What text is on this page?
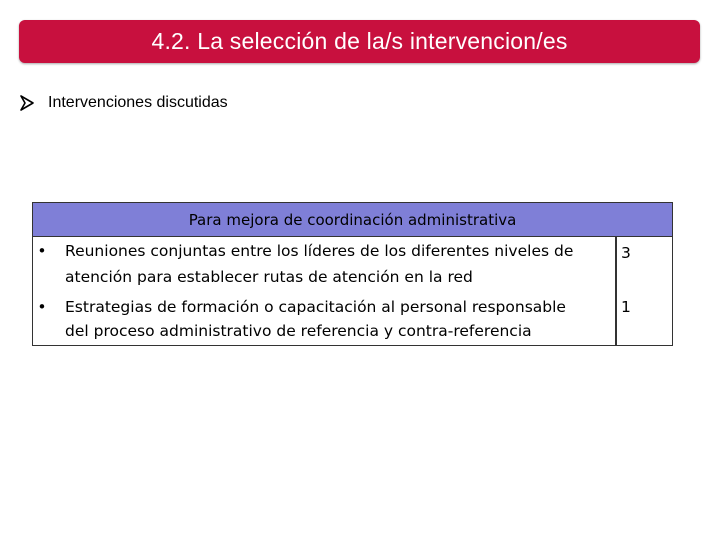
4.2. La selección de la/s intervencion/es
Intervenciones discutidas
Para mejora de coordinación administrativa
• Reuniones conjuntas entre los líderes de los diferentes niveles de
atención para establecer rutas de atención en la red
3
• Estrategias de formación o capacitación al personal responsable
del proceso administrativo de referencia y contra-referencia
1
